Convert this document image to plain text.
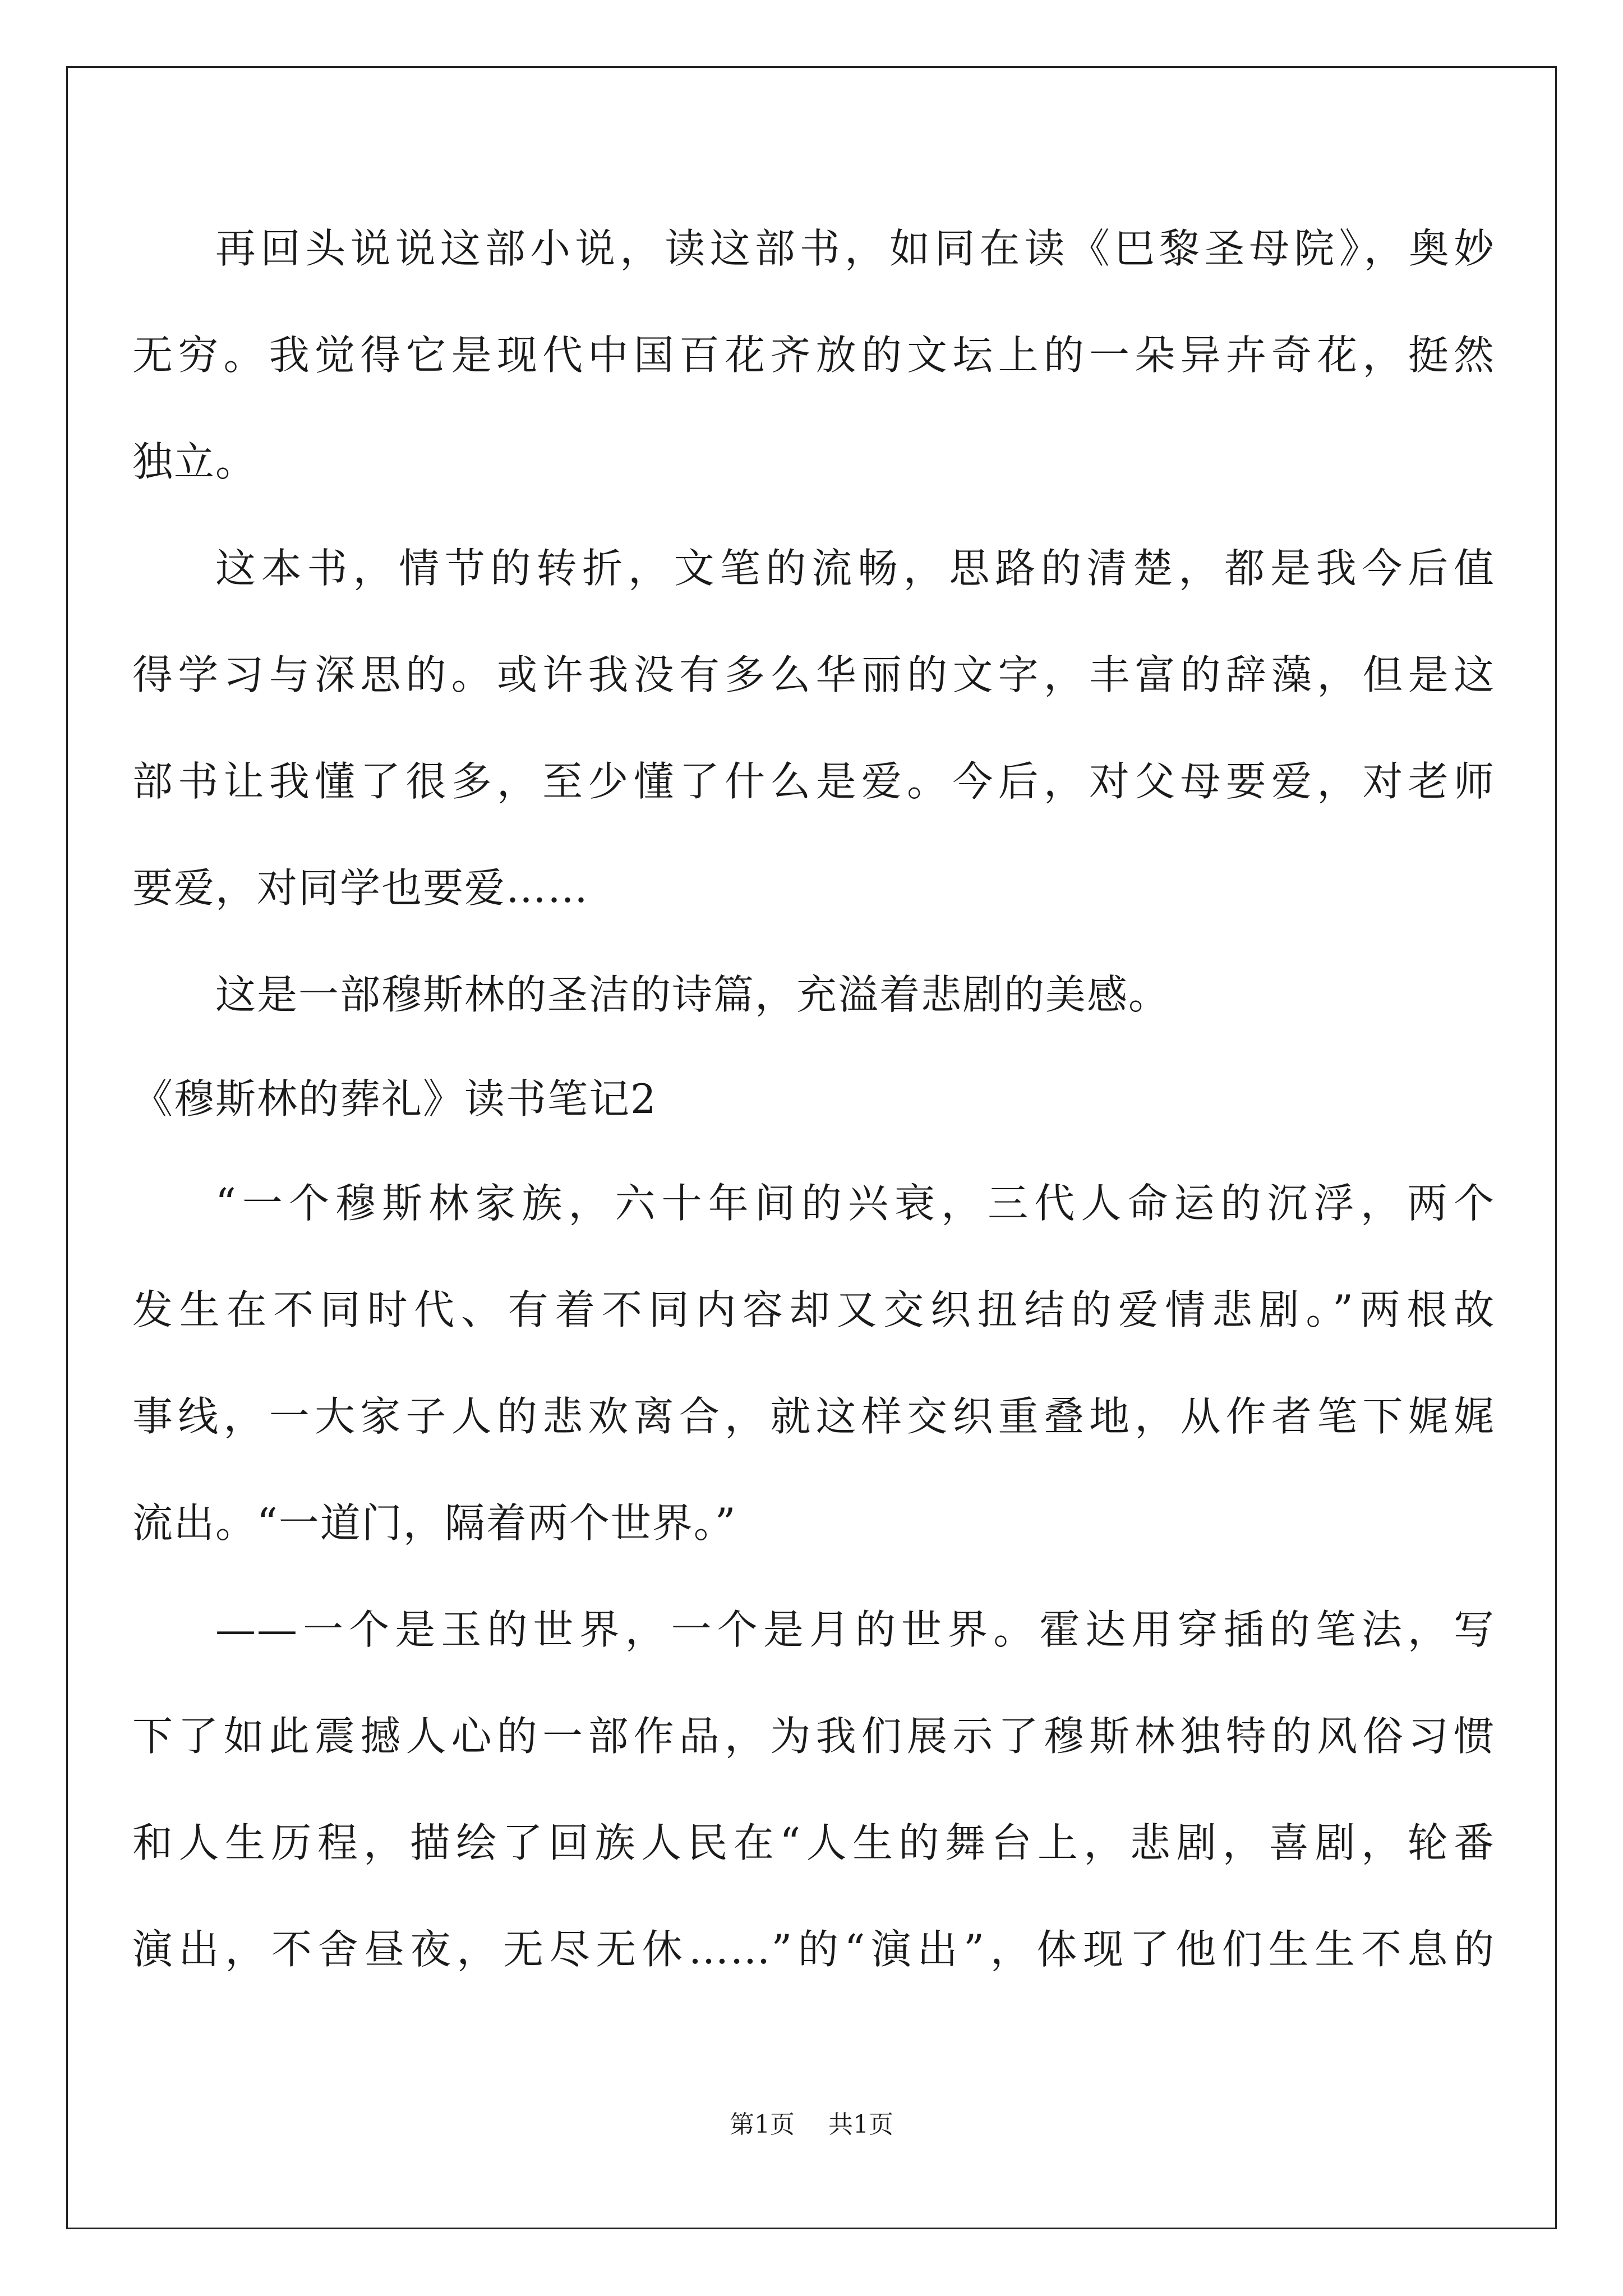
再回头说说这部小说，读这部书，如同在读《巴黎圣母院》，奥妙
无穷。我觉得它是现代中国百花齐放的文坛上的一朵异卉奇花，挺然
独立。
这本书，情节的转折，文笔的流畅，思路的清楚，都是我今后值
得学习与深思的。或许我没有多么华丽的文字，丰富的辞藻，但是这
部书让我懂了很多，至少懂了什么是爱。今后，对父母要爱，对老师
要爱，对同学也要爱……
这是一部穆斯林的圣洁的诗篇，充溢着悲剧的美感。
《穆斯林的葬礼》读书笔记2
“一个穆斯林家族，六十年间的兴衰，三代人命运的沉浮，两个
发生在不同时代、有着不同内容却又交织扭结的爱情悲剧。”两根故
事线，一大家子人的悲欢离合，就这样交织重叠地，从作者笔下娓娓
流出。“一道门，隔着两个世界。”
——一个是玉的世界，一个是月的世界。霍达用穿插的笔法，写
下了如此震撼人心的一部作品，为我们展示了穆斯林独特的风俗习惯
和人生历程，描绘了回族人民在“人生的舞台上，悲剧，喜剧，轮番
演出，不舍昼夜，无尽无休……”的“演出”，体现了他们生生不息的
第1页 共1页
